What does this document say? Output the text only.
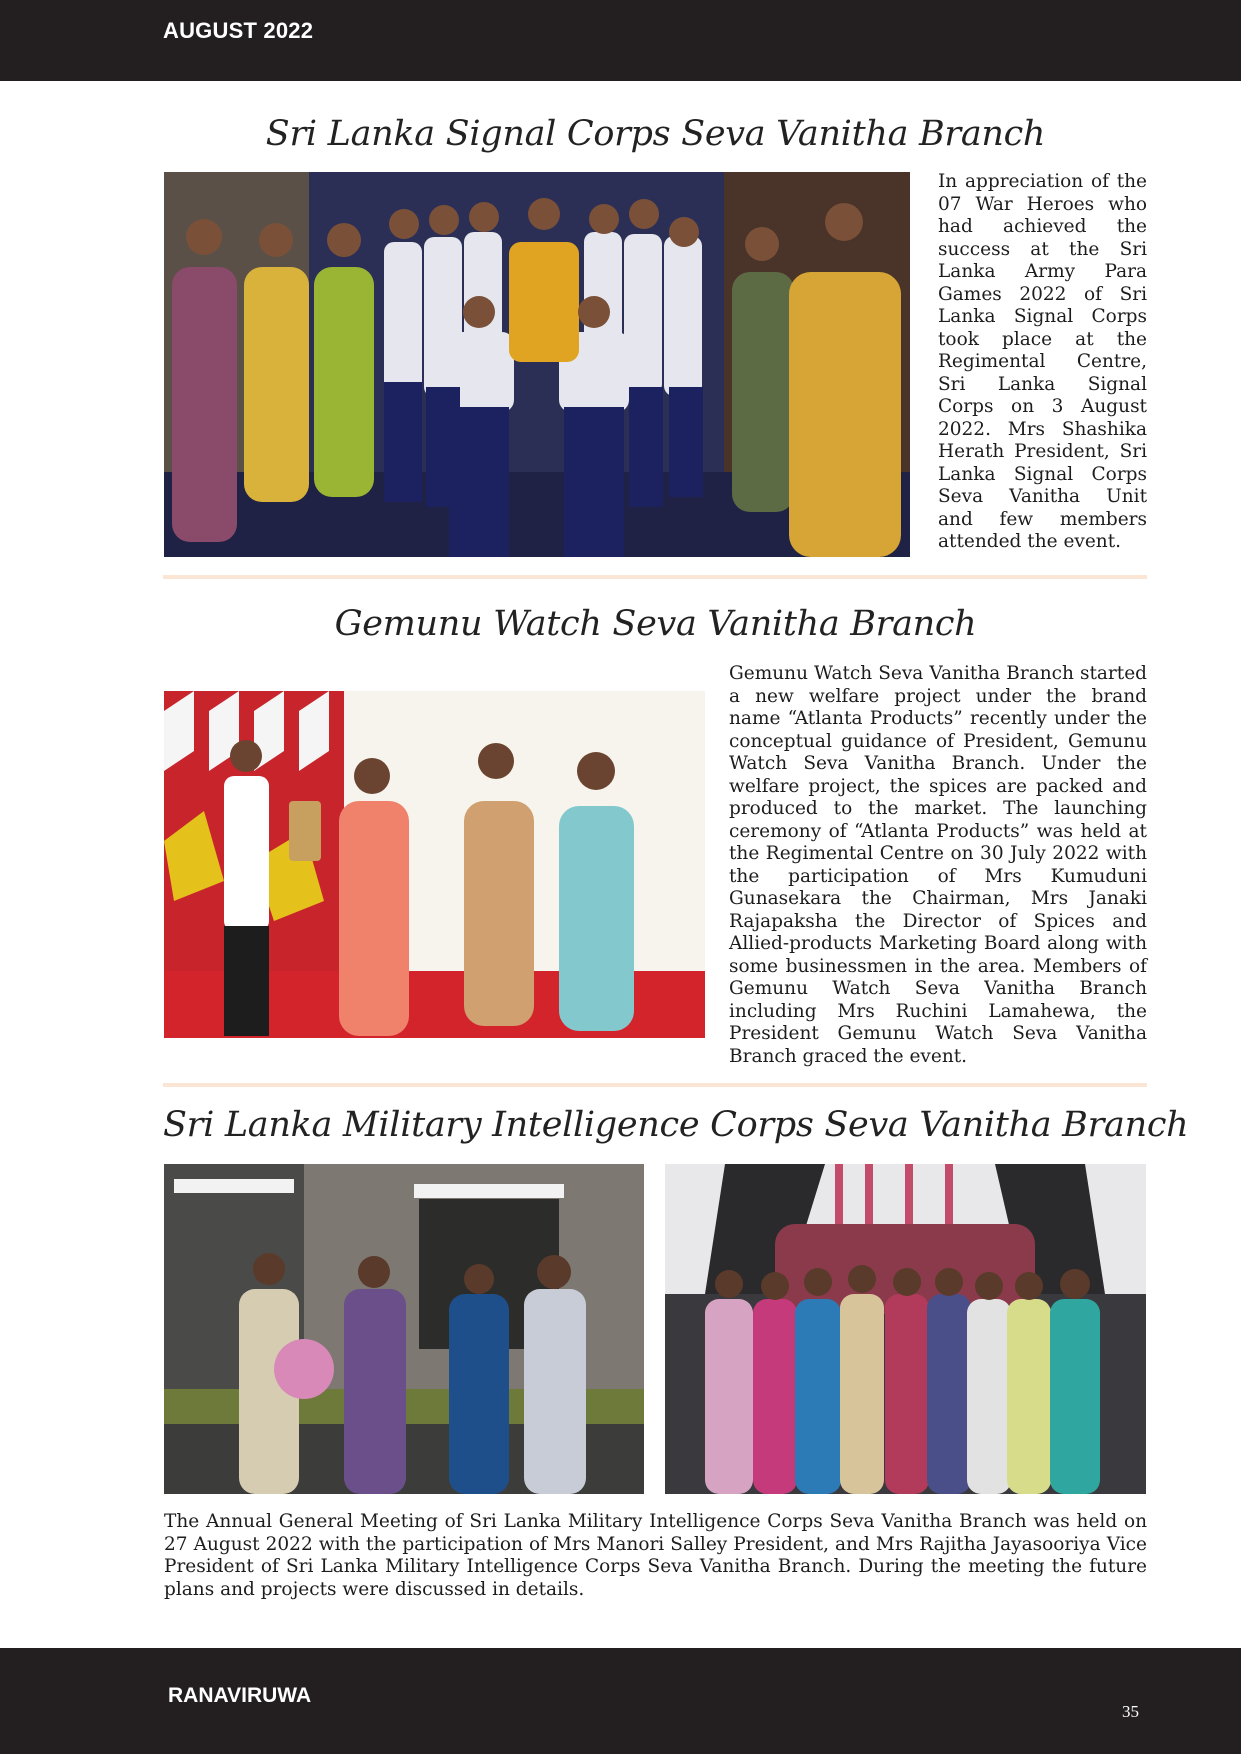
AUGUST 2022
Sri Lanka Signal Corps Seva Vanitha Branch

In appreciation of the 07 War Heroes who had achieved the success at the Sri Lanka Army Para Games 2022 of Sri Lanka Signal Corps took place at the Regimental Centre, Sri Lanka Signal Corps on 3 August 2022. Mrs Shashika Herath President, Sri Lanka Signal Corps Seva Vanitha Unit and few members attended the event.

Gemunu Watch Seva Vanitha Branch

Gemunu Watch Seva Vanitha Branch started a new welfare project under the brand name “Atlanta Products” recently under the conceptual guidance of President, Gemunu Watch Seva Vanitha Branch. Under the welfare project, the spices are packed and produced to the market. The launching ceremony of “Atlanta Products” was held at the Regimental Centre on 30 July 2022 with the participation of Mrs Kumuduni Gunasekara the Chairman, Mrs Janaki Rajapaksha the Director of Spices and Allied-products Marketing Board along with some businessmen in the area. Members of Gemunu Watch Seva Vanitha Branch including Mrs Ruchini Lamahewa, the President Gemunu Watch Seva Vanitha Branch graced the event.

Sri Lanka Military Intelligence Corps Seva Vanitha Branch

The Annual General Meeting of Sri Lanka Military Intelligence Corps Seva Vanitha Branch was held on 27 August 2022 with the participation of Mrs Manori Salley President, and Mrs Rajitha Jayasooriya Vice President of Sri Lanka Military Intelligence Corps Seva Vanitha Branch. During the meeting the future plans and projects were discussed in details.

RANAVIRUWA
35
